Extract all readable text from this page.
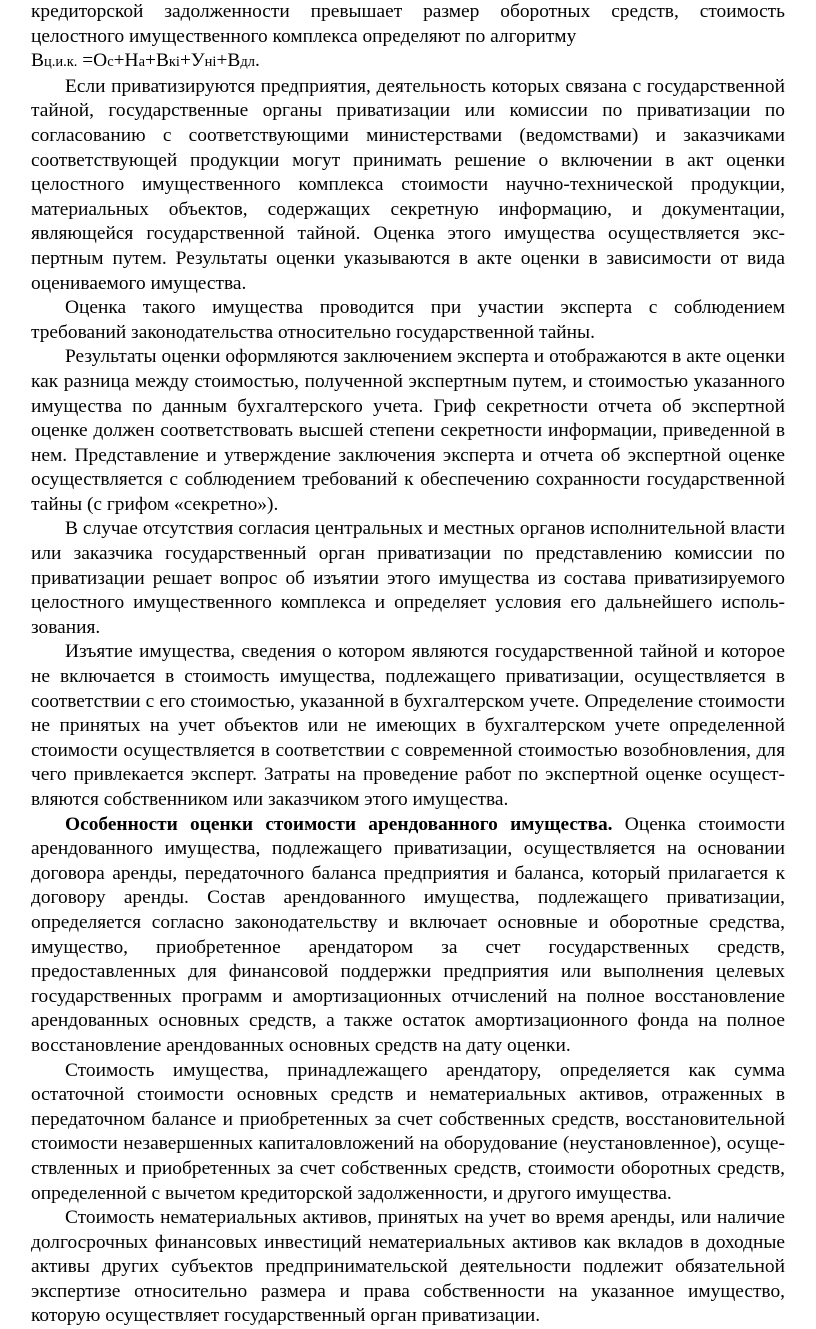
кредиторской задолженности превышает размер оборотных средств, стоимость целостного имущественного комплекса определяют по алгоритму

Вц.и.к. =Ос+На+Вкі+Уні+Вдл.

Если приватизируются предприятия, деятельность которых связана с государственной тайной, государственные органы приватизации или комиссии по приватизации по согласованию с соответствующими министерствами (ведомствами) и заказчиками соответствующей продукции могут принимать решение о включении в акт оценки целостного имущественного комплекса стоимости научно-технической продукции, материальных объектов, содержащих секретную информацию, и документации, являющейся государственной тайной. Оценка этого имущества осуществляется экспертным путем. Результаты оценки указываются в акте оценки в зависимости от вида оцениваемого имущества.

Оценка такого имущества проводится при участии эксперта с соблюдением требований законодательства относительно государственной тайны.

Результаты оценки оформляются заключением эксперта и отображаются в акте оценки как разница между стоимостью, полученной экспертным путем, и стоимостью указанного имущества по данным бухгалтерского учета. Гриф секретности отчета об экспертной оценке должен соответствовать высшей степени секретности информации, приведенной в нем. Представление и утверждение заключения эксперта и отчета об экспертной оценке осуществляется с соблюдением требований к обеспечению сохранности государственной тайны (с грифом «секретно»).

В случае отсутствия согласия центральных и местных органов исполнительной власти или заказчика государственный орган приватизации по представлению комиссии по приватизации решает вопрос об изъятии этого имущества из состава приватизируемого целостного имущественного комплекса и определяет условия его дальнейшего использования.

Изъятие имущества, сведения о котором являются государственной тайной и которое не включается в стоимость имущества, подлежащего приватизации, осуществляется в соответствии с его стоимостью, указанной в бухгалтерском учете. Определение стоимости не принятых на учет объектов или не имеющих в бухгалтерском учете определенной стоимости осуществляется в соответствии с современной стоимостью возобновления, для чего привлекается эксперт. Затраты на проведение работ по экспертной оценке осуществляются собственником или заказчиком этого имущества.

Особенности оценки стоимости арендованного имущества. Оценка стоимости арендованного имущества, подлежащего приватизации, осуществляется на основании договора аренды, передаточного баланса предприятия и баланса, который прилагается к договору аренды. Состав арендованного имущества, подлежащего приватизации, определяется согласно законодательству и включает основные и оборотные средства, имущество, приобретенное арендатором за счет государственных средств, предоставленных для финансовой поддержки предприятия или выполнения целевых государственных программ и амортизационных отчислений на полное восстановление арендованных основных средств, а также остаток амортизационного фонда на полное восстановление арендованных основных средств на дату оценки.

Стоимость имущества, принадлежащего арендатору, определяется как сумма остаточной стоимости основных средств и нематериальных активов, отраженных в передаточном балансе и приобретенных за счет собственных средств, восстановительной стоимости незавершенных капиталовложений на оборудование (неустановленное), осуществленных и приобретенных за счет собственных средств, стоимости оборотных средств, определенной с вычетом кредиторской задолженности, и другого имущества.

Стоимость нематериальных активов, принятых на учет во время аренды, или наличие долгосрочных финансовых инвестиций нематериальных активов как вкладов в доходные активы других субъектов предпринимательской деятельности подлежит обязательной экспертизе относительно размера и права собственности на указанное имущество, которую осуществляет государственный орган приватизации.
